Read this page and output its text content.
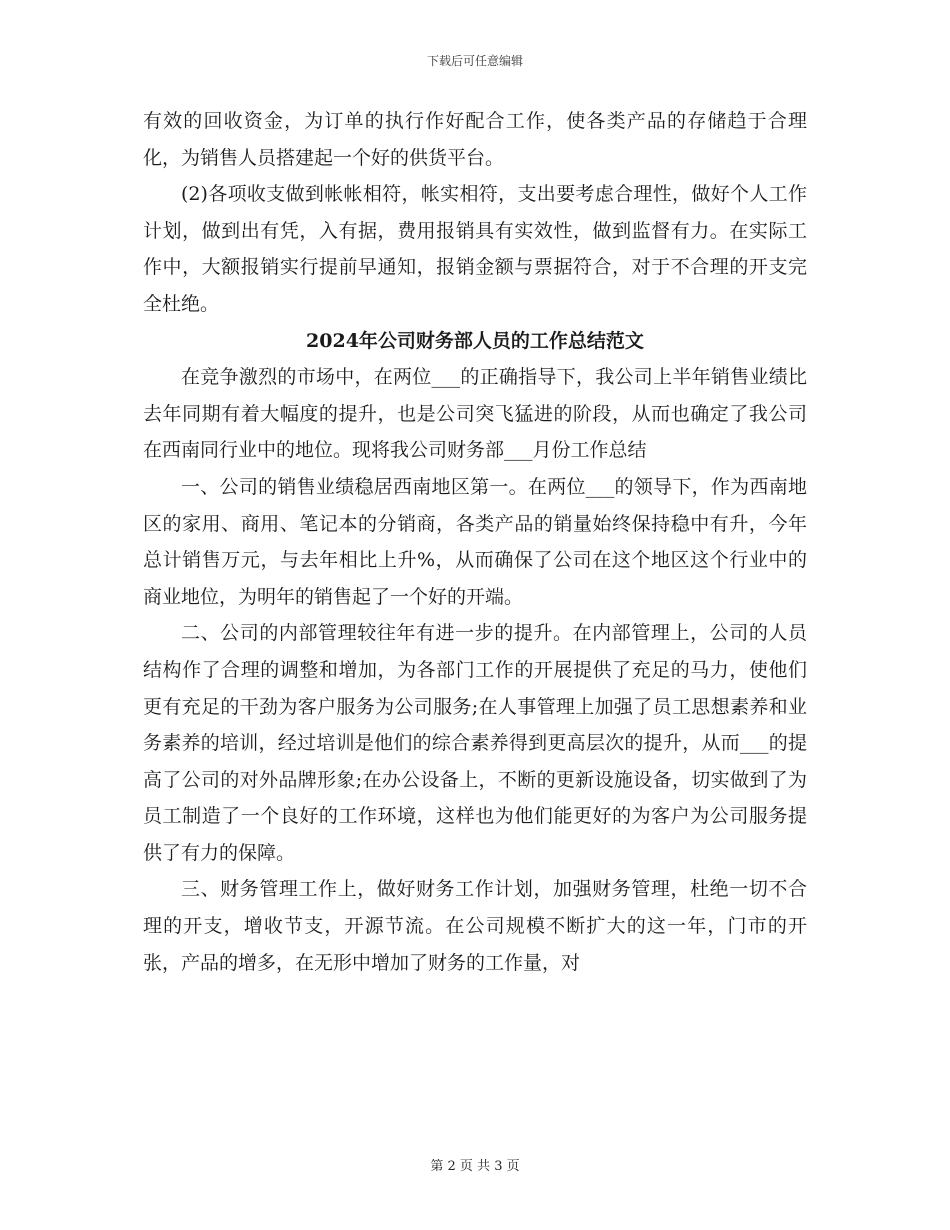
下载后可任意编辑

有效的回收资金，为订单的执行作好配合工作，使各类产品的存储趋于合理化，为销售人员搭建起一个好的供货平台。

(2)各项收支做到帐帐相符，帐实相符，支出要考虑合理性，做好个人工作计划，做到出有凭，入有据，费用报销具有实效性，做到监督有力。在实际工作中，大额报销实行提前早通知，报销金额与票据符合，对于不合理的开支完全杜绝。

2024年公司财务部人员的工作总结范文

在竞争激烈的市场中，在两位___的正确指导下，我公司上半年销售业绩比去年同期有着大幅度的提升，也是公司突飞猛进的阶段，从而也确定了我公司在西南同行业中的地位。现将我公司财务部___月份工作总结

一、公司的销售业绩稳居西南地区第一。在两位___的领导下，作为西南地区的家用、商用、笔记本的分销商，各类产品的销量始终保持稳中有升，今年总计销售万元，与去年相比上升%，从而确保了公司在这个地区这个行业中的商业地位，为明年的销售起了一个好的开端。

二、公司的内部管理较往年有进一步的提升。在内部管理上，公司的人员结构作了合理的调整和增加，为各部门工作的开展提供了充足的马力，使他们更有充足的干劲为客户服务为公司服务;在人事管理上加强了员工思想素养和业务素养的培训，经过培训是他们的综合素养得到更高层次的提升，从而___的提高了公司的对外品牌形象;在办公设备上，不断的更新设施设备，切实做到了为员工制造了一个良好的工作环境，这样也为他们能更好的为客户为公司服务提供了有力的保障。

三、财务管理工作上，做好财务工作计划，加强财务管理，杜绝一切不合理的开支，增收节支，开源节流。在公司规模不断扩大的这一年，门市的开张，产品的增多，在无形中增加了财务的工作量，对

第 2 页 共 3 页
